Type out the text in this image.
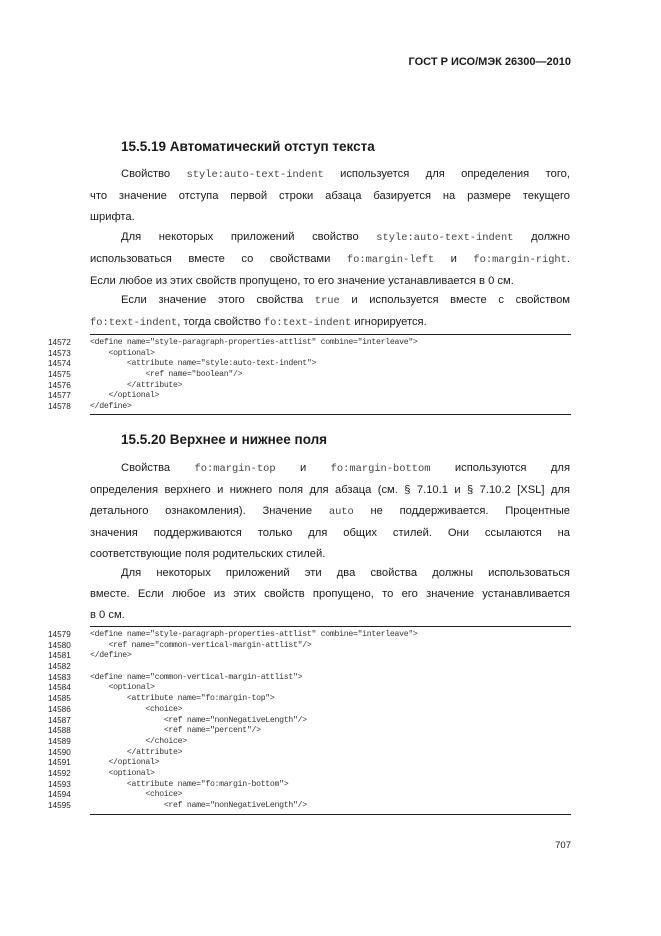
ГОСТ Р ИСО/МЭК 26300—2010
15.5.19 Автоматический отступ текста
Свойство style:auto-text-indent используется для определения того,
что значение отступа первой строки абзаца базируется на размере текущего
шрифта.
Для некоторых приложений свойство style:auto-text-indent должно
использоваться вместе со свойствами fo:margin-left и fo:margin-right.
Если любое из этих свойств пропущено, то его значение устанавливается в 0 см.
Если значение этого свойства true и используется вместе с свойством
fo:text-indent, тогда свойство fo:text-indent игнорируется.
14572	<define name="style-paragraph-properties-attlist" combine="interleave">
14573	<optional>
14574	<attribute name="style:auto-text-indent">
14575	<ref name="boolean"/>
14576	</attribute>
14577	</optional>
14578	</define>
15.5.20 Верхнее и нижнее поля
Свойства fo:margin-top и fo:margin-bottom используются для
определения верхнего и нижнего поля для абзаца (см. § 7.10.1 и § 7.10.2 [XSL] для
детального ознакомления). Значение auto не поддерживается. Процентные
значения поддерживаются только для общих стилей. Они ссылаются на
соответствующие поля родительских стилей.
Для некоторых приложений эти два свойства должны использоваться
вместе. Если любое из этих свойств пропущено, то его значение устанавливается
в 0 см.
14579	<define name="style-paragraph-properties-attlist" combine="interleave">
14580	<ref name="common-vertical-margin-attlist"/>
14581	</define>
14582
14583	<define name="common-vertical-margin-attlist">
14584	<optional>
14585	<attribute name="fo:margin-top">
14586	<choice>
14587	<ref name="nonNegativeLength"/>
14588	<ref name="percent"/>
14589	</choice>
14590	</attribute>
14591	</optional>
14592	<optional>
14593	<attribute name="fo:margin-bottom">
14594	<choice>
14595	<ref name="nonNegativeLength"/>
707
